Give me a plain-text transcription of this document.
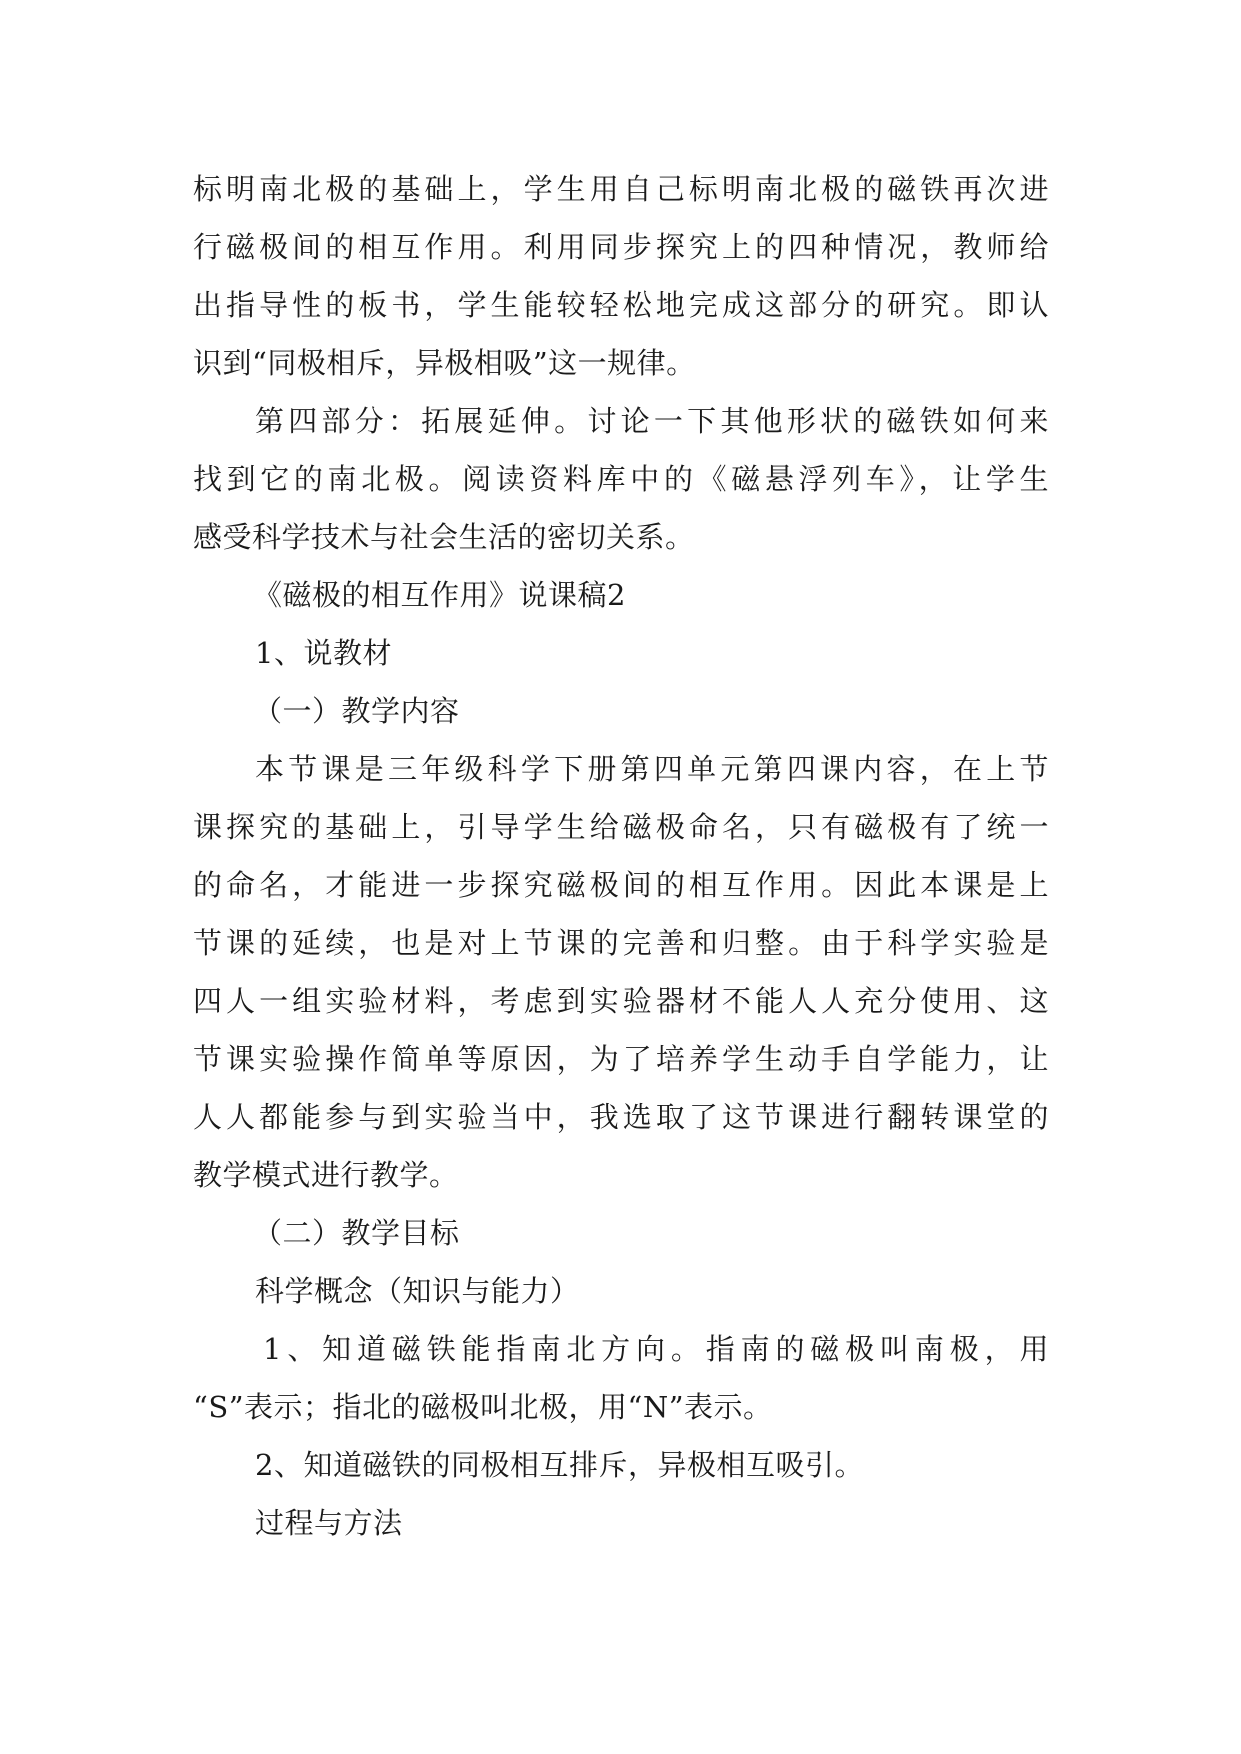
标明南北极的基础上，学生用自己标明南北极的磁铁再次进
行磁极间的相互作用。利用同步探究上的四种情况，教师给
出指导性的板书，学生能较轻松地完成这部分的研究。即认
识到“同极相斥，异极相吸”这一规律。
第四部分：拓展延伸。讨论一下其他形状的磁铁如何来
找到它的南北极。阅读资料库中的《磁悬浮列车》，让学生
感受科学技术与社会生活的密切关系。
《磁极的相互作用》说课稿2
1、说教材
（一）教学内容
本节课是三年级科学下册第四单元第四课内容，在上节
课探究的基础上，引导学生给磁极命名，只有磁极有了统一
的命名，才能进一步探究磁极间的相互作用。因此本课是上
节课的延续，也是对上节课的完善和归整。由于科学实验是
四人一组实验材料，考虑到实验器材不能人人充分使用、这
节课实验操作简单等原因，为了培养学生动手自学能力，让
人人都能参与到实验当中，我选取了这节课进行翻转课堂的
教学模式进行教学。
（二）教学目标
科学概念（知识与能力）
1、知道磁铁能指南北方向。指南的磁极叫南极，用
“S”表示；指北的磁极叫北极，用“N”表示。
2、知道磁铁的同极相互排斥，异极相互吸引。
过程与方法
